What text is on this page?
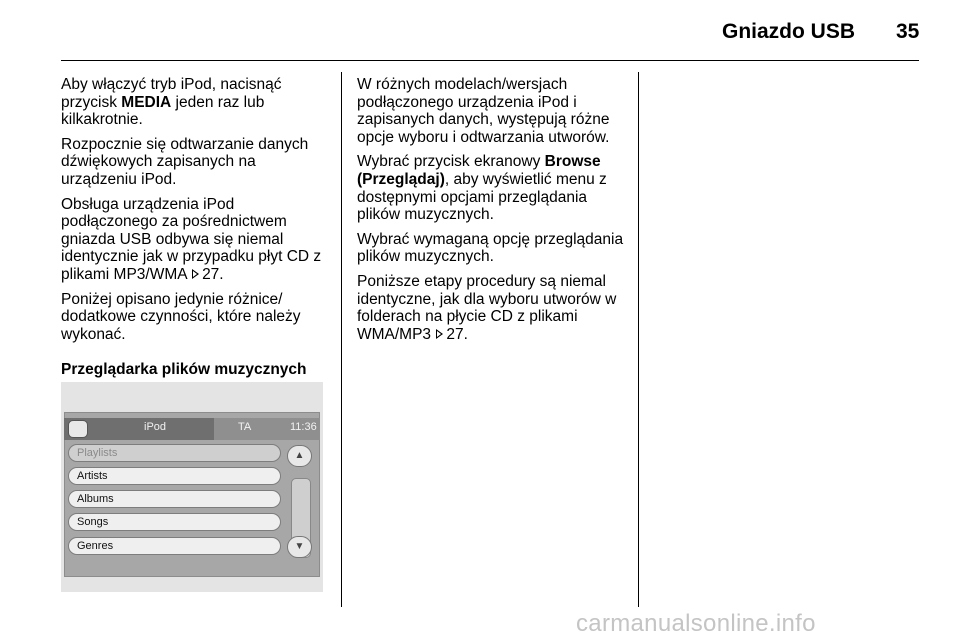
Gniazdo USB 35

Aby włączyć tryb iPod, nacisnąć przycisk MEDIA jeden raz lub kilkakrotnie.

Rozpocznie się odtwarzanie danych dźwiękowych zapisanych na urządzeniu iPod.

Obsługa urządzenia iPod podłączonego za pośrednictwem gniazda USB odbywa się niemal identycznie jak w przypadku płyt CD z plikami MP3/WMA 27.

Poniżej opisano jedynie różnice/ dodatkowe czynności, które należy wykonać.

Przeglądarka plików muzycznych

iPod	TA	11:36
Playlists
Artists
Albums
Songs
Genres
▲
▼

W różnych modelach/wersjach podłączonego urządzenia iPod i zapisanych danych, występują różne opcje wyboru i odtwarzania utworów.

Wybrać przycisk ekranowy Browse (Przeglądaj), aby wyświetlić menu z dostępnymi opcjami przeglądania plików muzycznych.

Wybrać wymaganą opcję przeglądania plików muzycznych.

Poniższe etapy procedury są niemal identyczne, jak dla wyboru utworów w folderach na płycie CD z plikami WMA/MP3 27.

carmanualsonline.info
